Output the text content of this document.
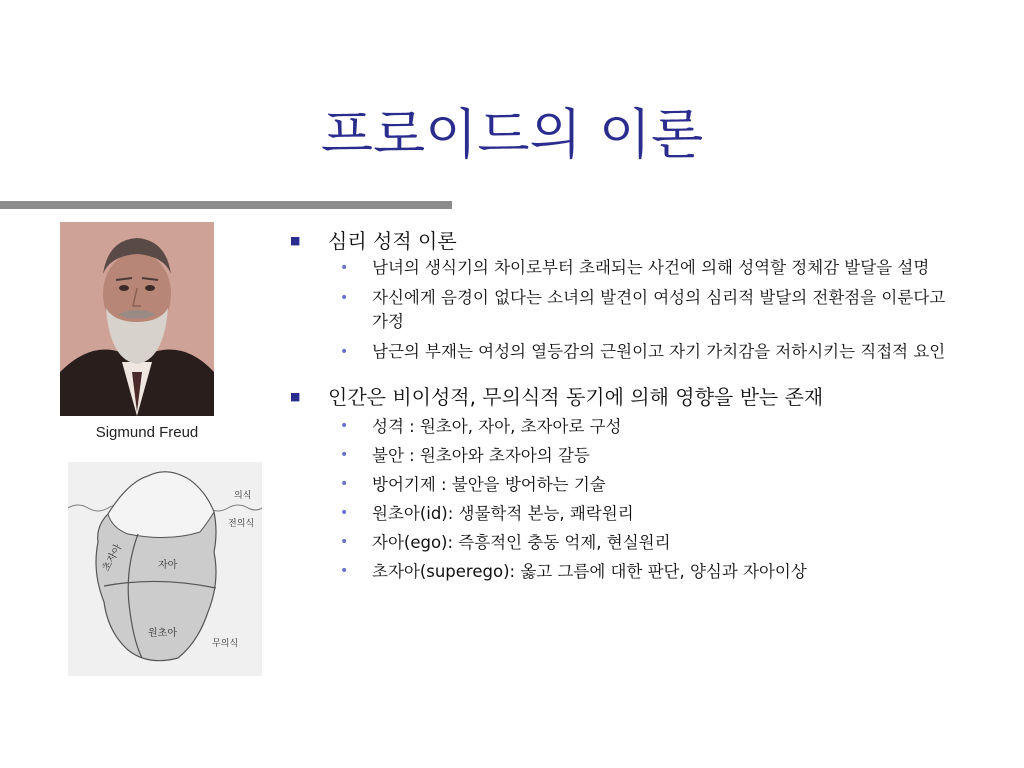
프로이드의 이론
Sigmund Freud
의식
전의식
무의식
자아
원초아
초자아
■ 심리 성적 이론
• 남녀의 생식기의 차이로부터 초래되는 사건에 의해 성역할 정체감 발달을 설명
• 자신에게 음경이 없다는 소녀의 발견이 여성의 심리적 발달의 전환점을 이룬다고 가정
• 남근의 부재는 여성의 열등감의 근원이고 자기 가치감을 저하시키는 직접적 요인
■ 인간은 비이성적, 무의식적 동기에 의해 영향을 받는 존재
• 성격 : 원초아, 자아, 초자아로 구성
• 불안 : 원초아와 초자아의 갈등
• 방어기제 : 불안을 방어하는 기술
• 원초아(id): 생물학적 본능, 쾌락원리
• 자아(ego): 즉흥적인 충동 억제, 현실원리
• 초자아(superego): 옳고 그름에 대한 판단, 양심과 자아이상
